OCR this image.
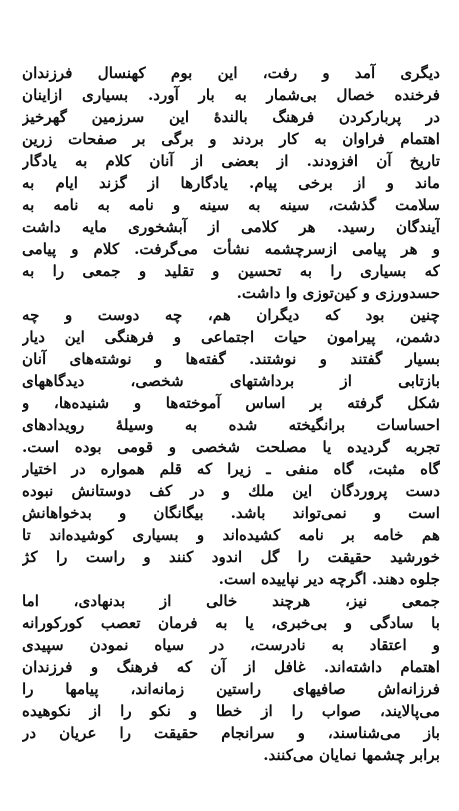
دیگری آمد و رفت، این بوم کهنسال فرزندان
فرخنده خصال بی‌شمار به بار آورد. بسیاری ازاینان
در پرباركردن فرهنگ بالندهٔ این سرزمین گهرخیز
اهتمام فراوان به كار بردند و برگی بر صفحات زرین
تاریخ آن افزودند. از بعضی از آنان كلام به یادگار
ماند و از برخی پیام. یادگارها از گزند ایام به
سلامت گذشت، سینه به سینه و نامه به نامه به
آیندگان رسید. هر كلامی از آبشخوری مایه داشت
و هر پیامی ازسرچشمه نشأت می‌گرفت. كلام و پیامی
كه بسیاری را به تحسین و تقلید و جمعی را به
حسدورزی و كین‌توزی وا داشت.
چنین بود كه دیگران هم، چه دوست و چه
دشمن، پیرامون حیات اجتماعی و فرهنگی این دیار
بسیار گفتند و نوشتند. گفته‌ها و نوشته‌های آنان
بازتابی از برداشتهای شخصی، دیدگاههای
شكل گرفته بر اساس آموخته‌ها و شنیده‌ها، و
احساسات برانگیخته شده به وسیلهٔ رویدادهای
تجربه گردیده یا مصلحت شخصی و قومی بوده است.
گاه مثبت، گاه منفی ـ زیرا كه قلم همواره در اختیار
دست پروردگان این ملك و در كف دوستانش نبوده
است و نمی‌تواند باشد. بیگانگان و بدخواهانش
هم خامه بر نامه كشیده‌اند و بسیاری كوشیده‌اند تا
خورشید حقیقت را گل اندود كنند و راست را كژ
جلوه دهند. اگرچه دیر نپاییده است.
جمعی نیز، هرچند خالی از بدنهادی، اما
با سادگی و بی‌خبری، یا به فرمان تعصب كوركورانه
و اعتقاد به نادرست، در سیاه نمودن سپیدی
اهتمام داشته‌اند. غافل از آن كه فرهنگ و فرزندان
فرزانه‌اش صافیهای راستین زمانه‌اند، پیامها را
می‌پالایند، صواب را از خطا و نكو را از نكوهیده
باز می‌شناسند، و سرانجام حقیقت را عریان در
برابر چشمها نمایان می‌كنند.
